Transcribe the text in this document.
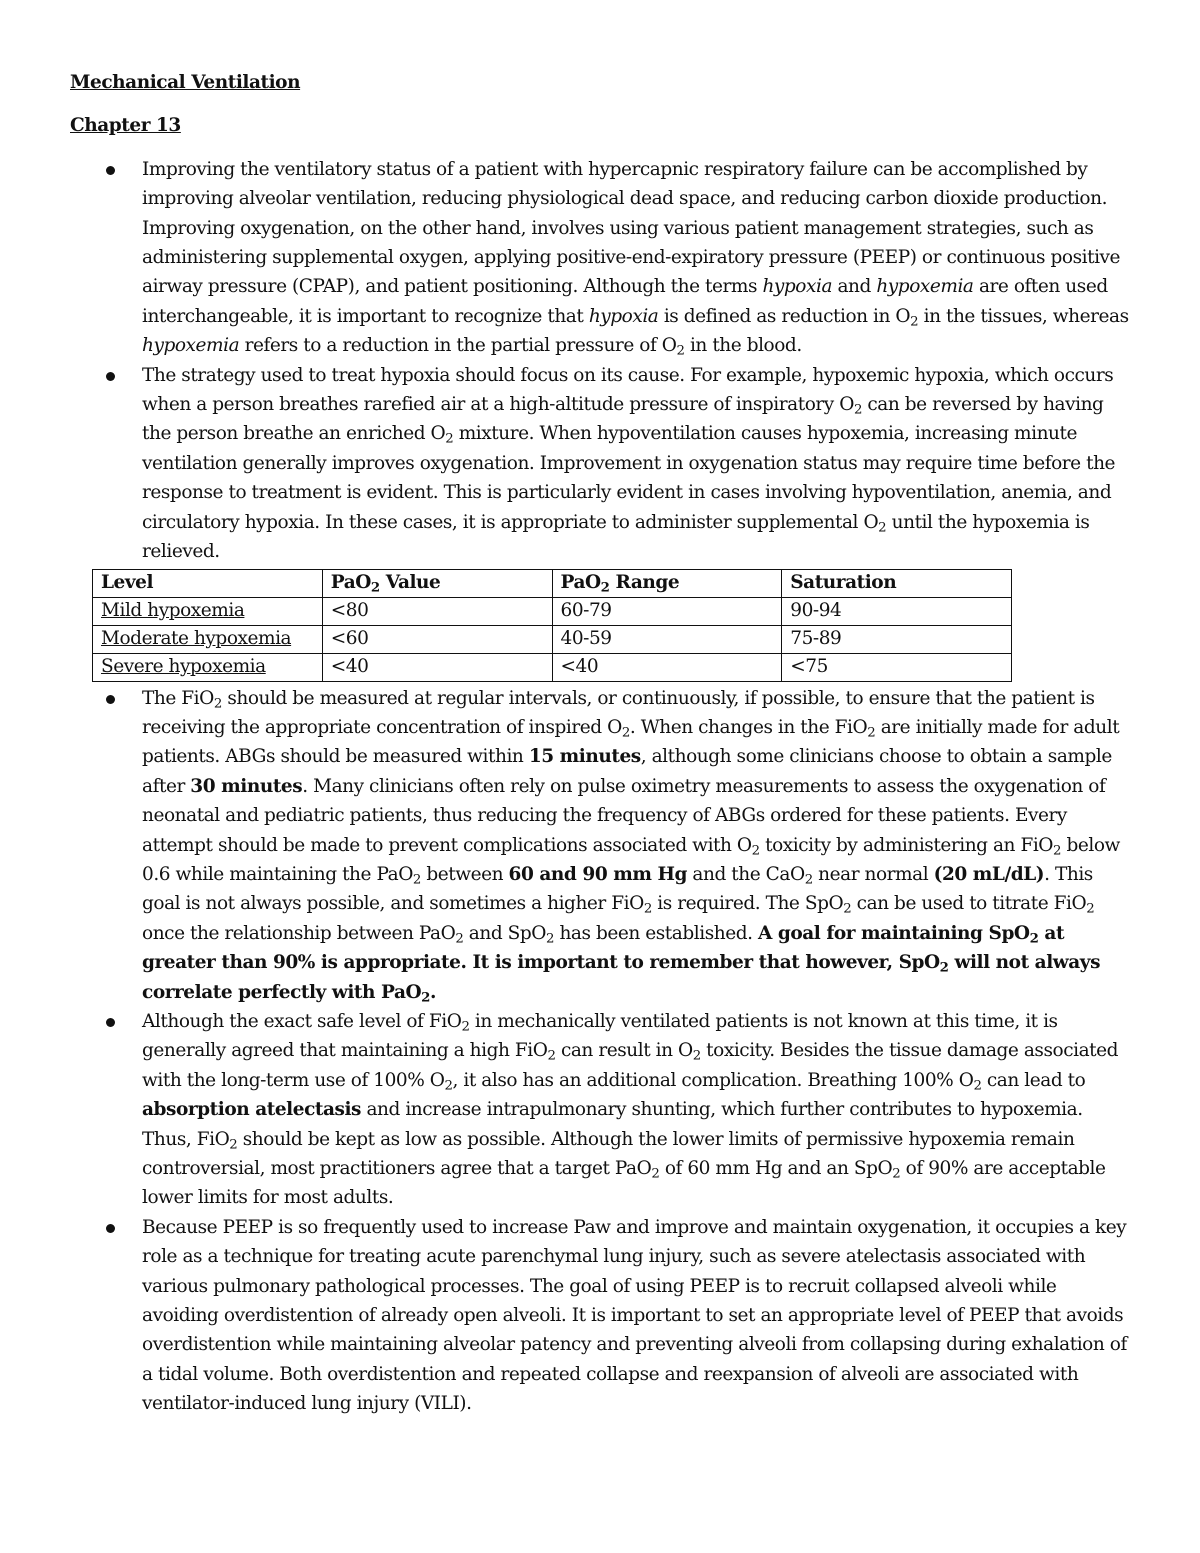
Mechanical Ventilation

Chapter 13

Improving the ventilatory status of a patient with hypercapnic respiratory failure can be accomplished by improving alveolar ventilation, reducing physiological dead space, and reducing carbon dioxide production. Improving oxygenation, on the other hand, involves using various patient management strategies, such as administering supplemental oxygen, applying positive-end-expiratory pressure (PEEP) or continuous positive airway pressure (CPAP), and patient positioning. Although the terms hypoxia and hypoxemia are often used interchangeable, it is important to recognize that hypoxia is defined as reduction in $O_2$ in the tissues, whereas hypoxemia refers to a reduction in the partial pressure of $O_2$ in the blood.
The strategy used to treat hypoxia should focus on its cause. For example, hypoxemic hypoxia, which occurs when a person breathes rarefied air at a high-altitude pressure of inspiratory $O_2$ can be reversed by having the person breathe an enriched $O_2$ mixture. When hypoventilation causes hypoxemia, increasing minute ventilation generally improves oxygenation. Improvement in oxygenation status may require time before the response to treatment is evident. This is particularly evident in cases involving hypoventilation, anemia, and circulatory hypoxia. In these cases, it is appropriate to administer supplemental $O_2$ until the hypoxemia is relieved.
Level	PaO$_2$ Value	PaO$_2$ Range	Saturation
Mild hypoxemia	<80	60-79	90-94
Moderate hypoxemia	<60	40-59	75-89
Severe hypoxemia	<40	<40	<75
The FiO$_2$ should be measured at regular intervals, or continuously, if possible, to ensure that the patient is receiving the appropriate concentration of inspired $O_2$. When changes in the FiO$_2$ are initially made for adult patients. ABGs should be measured within 15 minutes, although some clinicians choose to obtain a sample after 30 minutes. Many clinicians often rely on pulse oximetry measurements to assess the oxygenation of neonatal and pediatric patients, thus reducing the frequency of ABGs ordered for these patients. Every attempt should be made to prevent complications associated with $O_2$ toxicity by administering an FiO$_2$ below 0.6 while maintaining the PaO$_2$ between 60 and 90 mm Hg and the CaO$_2$ near normal (20 mL/dL). This goal is not always possible, and sometimes a higher FiO$_2$ is required. The SpO$_2$ can be used to titrate FiO$_2$ once the relationship between PaO$_2$ and SpO$_2$ has been established. A goal for maintaining SpO$_2$ at greater than 90% is appropriate. It is important to remember that however, SpO$_2$ will not always correlate perfectly with PaO$_2$.
Although the exact safe level of FiO$_2$ in mechanically ventilated patients is not known at this time, it is generally agreed that maintaining a high FiO$_2$ can result in $O_2$ toxicity. Besides the tissue damage associated with the long-term use of 100% $O_2$, it also has an additional complication. Breathing 100% $O_2$ can lead to absorption atelectasis and increase intrapulmonary shunting, which further contributes to hypoxemia. Thus, FiO$_2$ should be kept as low as possible. Although the lower limits of permissive hypoxemia remain controversial, most practitioners agree that a target PaO$_2$ of 60 mm Hg and an SpO$_2$ of 90% are acceptable lower limits for most adults.
Because PEEP is so frequently used to increase Paw and improve and maintain oxygenation, it occupies a key role as a technique for treating acute parenchymal lung injury, such as severe atelectasis associated with various pulmonary pathological processes. The goal of using PEEP is to recruit collapsed alveoli while avoiding overdistention of already open alveoli. It is important to set an appropriate level of PEEP that avoids overdistention while maintaining alveolar patency and preventing alveoli from collapsing during exhalation of a tidal volume. Both overdistention and repeated collapse and reexpansion of alveoli are associated with ventilator-induced lung injury (VILI).
